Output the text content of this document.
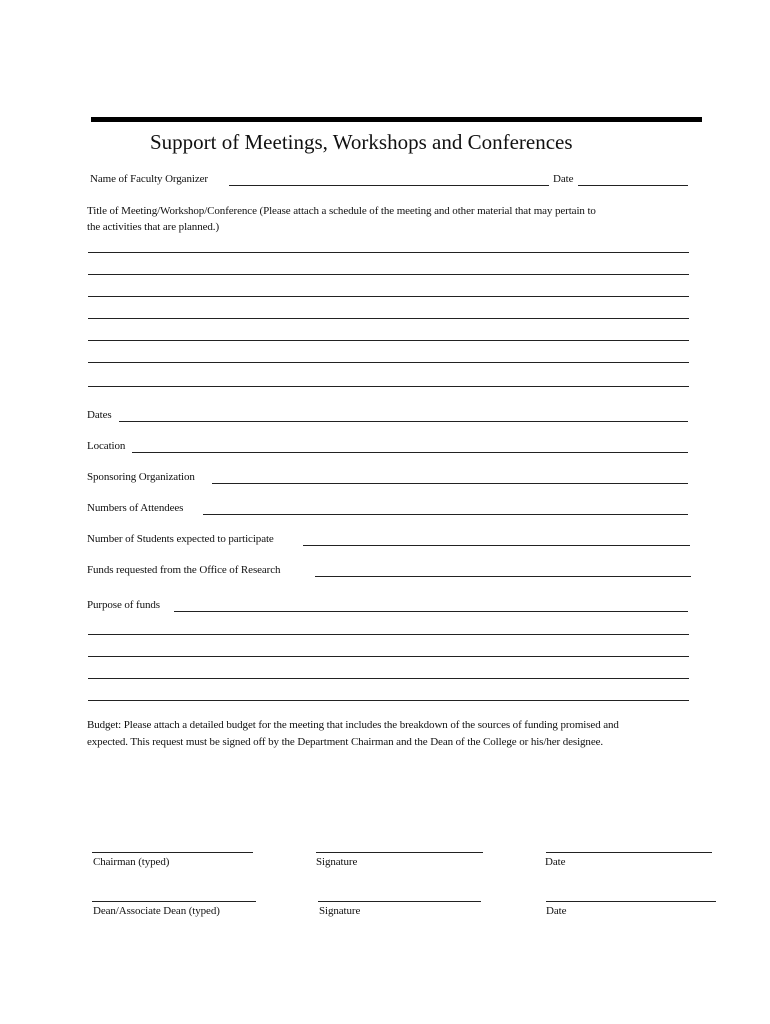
Support of Meetings, Workshops and Conferences
Name of Faculty Organizer	Date
Title of Meeting/Workshop/Conference (Please attach a schedule of the meeting and other material that may pertain to
the activities that are planned.)
Dates
Location
Sponsoring Organization
Numbers of Attendees
Number of Students expected to participate
Funds requested from the Office of Research
Purpose of funds
Budget: Please attach a detailed budget for the meeting that includes the breakdown of the sources of funding promised and
expected. This request must be signed off by the Department Chairman and the Dean of the College or his/her designee.
Chairman (typed)	Signature	Date
Dean/Associate Dean (typed)	Signature	Date
